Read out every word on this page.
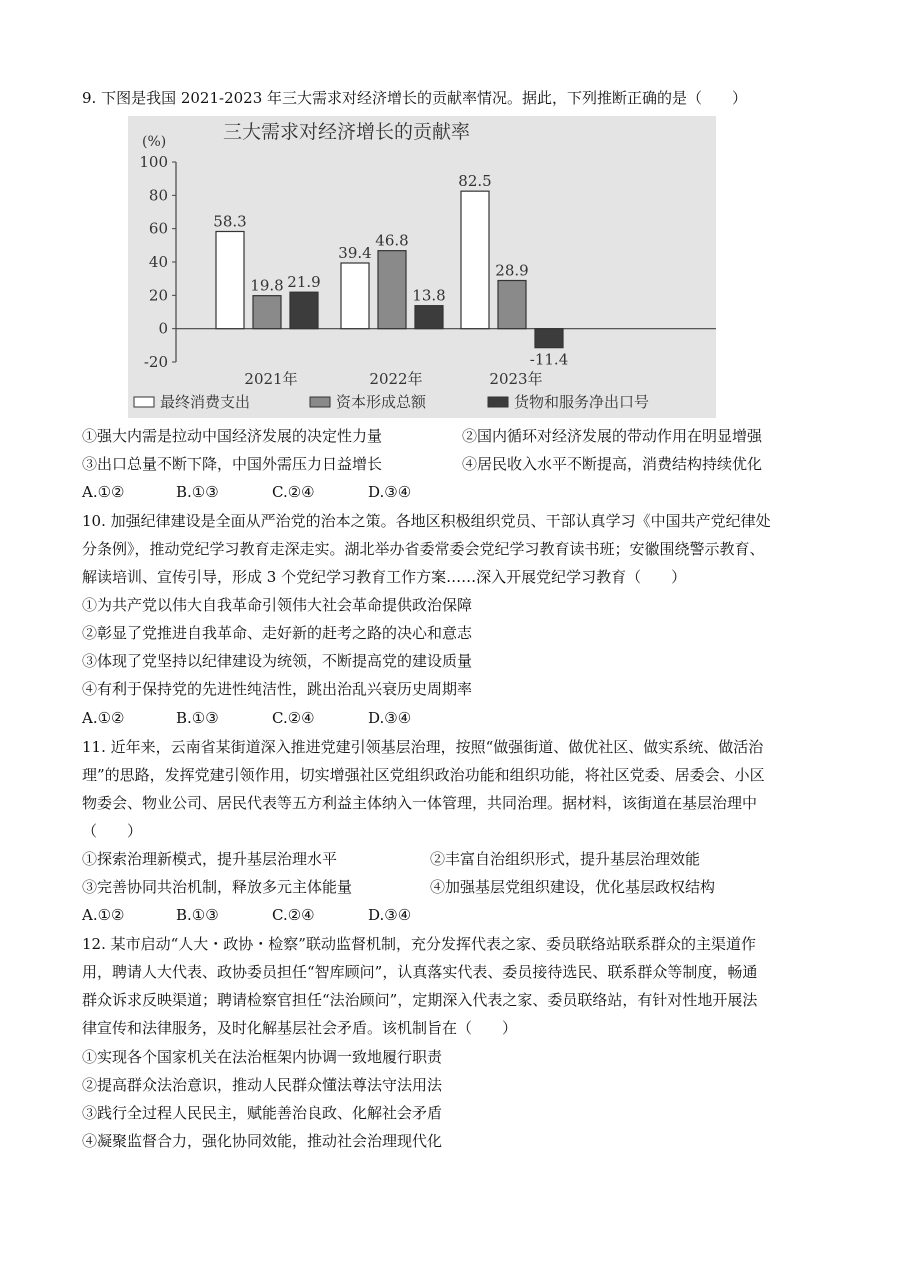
9. 下图是我国 2021-2023 年三大需求对经济增长的贡献率情况。据此，下列推断正确的是（　　）
三大需求对经济增长的贡献率
(%)
100
80
60
40
20
0
-20
58.3
19.8 21.9
39.4
46.8
13.8
82.5
28.9
-11.4
2021年	2022年	2023年
最终消费支出	资本形成总额	货物和服务净出口号
①强大内需是拉动中国经济发展的决定性力量	②国内循环对经济发展的带动作用在明显增强
③出口总量不断下降，中国外需压力日益增长	④居民收入水平不断提高，消费结构持续优化
A.①②	B.①③	C.②④	D.③④
10. 加强纪律建设是全面从严治党的治本之策。各地区积极组织党员、干部认真学习《中国共产党纪律处
分条例》，推动党纪学习教育走深走实。湖北举办省委常委会党纪学习教育读书班；安徽围绕警示教育、
解读培训、宣传引导，形成 3 个党纪学习教育工作方案……深入开展党纪学习教育（　　）
①为共产党以伟大自我革命引领伟大社会革命提供政治保障
②彰显了党推进自我革命、走好新的赶考之路的决心和意志
③体现了党坚持以纪律建设为统领，不断提高党的建设质量
④有利于保持党的先进性纯洁性，跳出治乱兴衰历史周期率
A.①②	B.①③	C.②④	D.③④
11. 近年来，云南省某街道深入推进党建引领基层治理，按照“做强街道、做优社区、做实系统、做活治
理”的思路，发挥党建引领作用，切实增强社区党组织政治功能和组织功能，将社区党委、居委会、小区
物委会、物业公司、居民代表等五方利益主体纳入一体管理，共同治理。据材料，该街道在基层治理中
（　　）
①探索治理新模式，提升基层治理水平	②丰富自治组织形式，提升基层治理效能
③完善协同共治机制，释放多元主体能量	④加强基层党组织建设，优化基层政权结构
A.①②	B.①③	C.②④	D.③④
12. 某市启动“人大・政协・检察”联动监督机制，充分发挥代表之家、委员联络站联系群众的主渠道作
用，聘请人大代表、政协委员担任“智库顾问”，认真落实代表、委员接待选民、联系群众等制度，畅通
群众诉求反映渠道；聘请检察官担任“法治顾问”，定期深入代表之家、委员联络站，有针对性地开展法
律宣传和法律服务，及时化解基层社会矛盾。该机制旨在（　　）
①实现各个国家机关在法治框架内协调一致地履行职责
②提高群众法治意识，推动人民群众懂法尊法守法用法
③践行全过程人民民主，赋能善治良政、化解社会矛盾
④凝聚监督合力，强化协同效能，推动社会治理现代化
